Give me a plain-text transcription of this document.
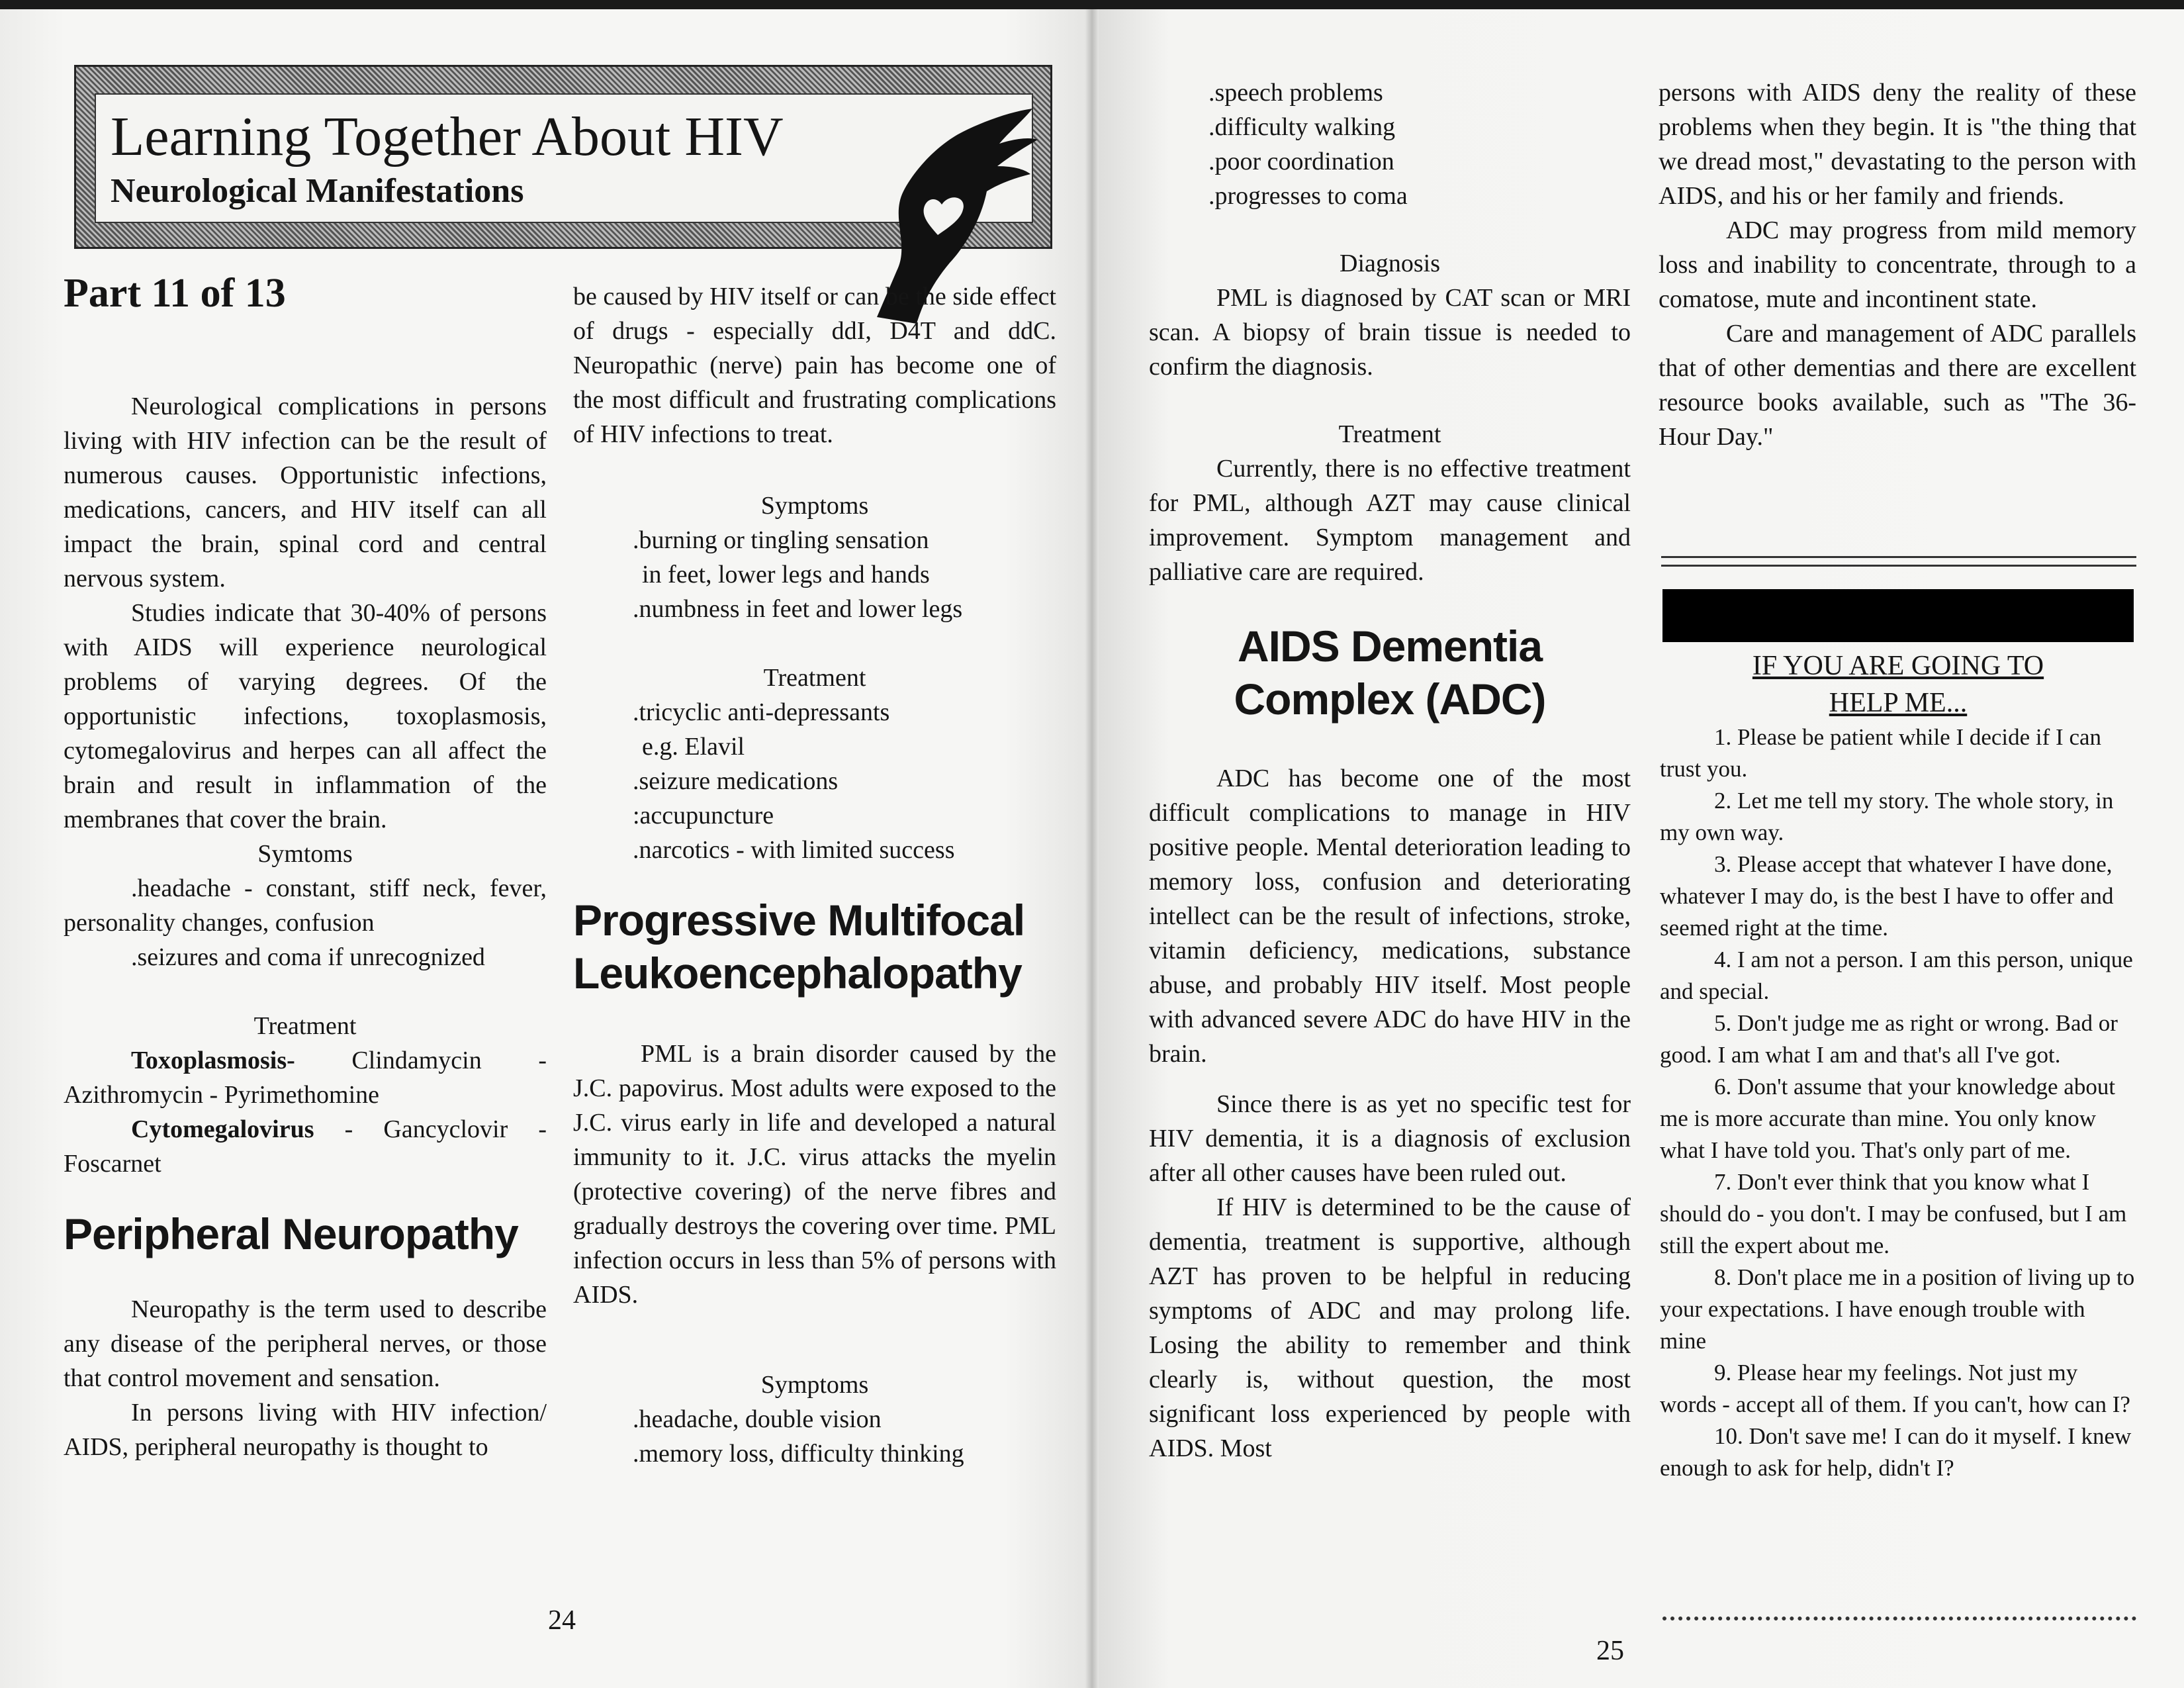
Learning Together About HIV
Neurological Manifestations

Part 11 of 13

Neurological complications in persons living with HIV infection can be the result of numerous causes. Opportunistic infections, medications, cancers, and HIV itself can all impact the brain, spinal cord and central nervous system.

Studies indicate that 30-40% of persons with AIDS will experience neurological problems of varying degrees. Of the opportunistic infections, toxoplasmosis, cytomegalovirus and herpes can all affect the brain and result in inflammation of the membranes that cover the brain.

Symtoms

.headache - constant, stiff neck, fever, personality changes, confusion

.seizures and coma if unrecognized

Treatment

Toxoplasmosis- Clindamycin - Azithromycin - Pyrimethomine

Cytomegalovirus - Gancyclovir - Foscarnet

Peripheral Neuropathy

Neuropathy is the term used to describe any disease of the peripheral nerves, or those that control movement and sensation.

In persons living with HIV infection/ AIDS, peripheral neuropathy is thought to

be caused by HIV itself or can be the side effect of drugs - especially ddI, D4T and ddC. Neuropathic (nerve) pain has become one of the most difficult and frustrating complications of HIV infections to treat.

Symptoms

.burning or tingling sensation

in feet, lower legs and hands

.numbness in feet and lower legs

Treatment

.tricyclic anti-depressants

e.g. Elavil

.seizure medications

:accupuncture

.narcotics - with limited success

Progressive Multifocal

Leukoencephalopathy

PML is a brain disorder caused by the J.C. papovirus. Most adults were exposed to the J.C. virus early in life and developed a natural immunity to it. J.C. virus attacks the myelin (protective covering) of the nerve fibres and gradually destroys the covering over time. PML infection occurs in less than 5% of persons with AIDS.

Symptoms

.headache, double vision

.memory loss, difficulty thinking

24

.speech problems

.difficulty walking

.poor coordination

.progresses to coma

Diagnosis

PML is diagnosed by CAT scan or MRI scan. A biopsy of brain tissue is needed to confirm the diagnosis.

Treatment

Currently, there is no effective treatment for PML, although AZT may cause clinical improvement. Symptom management and palliative care are required.

AIDS Dementia

Complex (ADC)

ADC has become one of the most difficult complications to manage in HIV positive people. Mental deterioration leading to memory loss, confusion and deteriorating intellect can be the result of infections, stroke, vitamin deficiency, medications, substance abuse, and probably HIV itself. Most people with advanced severe ADC do have HIV in the brain.

Since there is as yet no specific test for HIV dementia, it is a diagnosis of exclusion after all other causes have been ruled out.

If HIV is determined to be the cause of dementia, treatment is supportive, although AZT has proven to be helpful in reducing symptoms of ADC and may prolong life. Losing the ability to remember and think clearly is, without question, the most significant loss experienced by people with AIDS. Most

persons with AIDS deny the reality of these problems when they begin. It is "the thing that we dread most," devastating to the person with AIDS, and his or her family and friends.

ADC may progress from mild memory loss and inability to concentrate, through to a comatose, mute and incontinent state.

Care and management of ADC parallels that of other dementias and there are excellent resource books available, such as "The 36-Hour Day."

IF YOU ARE GOING TO

HELP ME...

1. Please be patient while I decide if I can trust you.

2. Let me tell my story. The whole story, in my own way.

3. Please accept that whatever I have done, whatever I may do, is the best I have to offer and seemed right at the time.

4. I am not a person. I am this person, unique and special.

5. Don't judge me as right or wrong. Bad or good. I am what I am and that's all I've got.

6. Don't assume that your knowledge about me is more accurate than mine. You only know what I have told you. That's only part of me.

7. Don't ever think that you know what I should do - you don't. I may be confused, but I am still the expert about me.

8. Don't place me in a position of living up to your expectations. I have enough trouble with mine

9. Please hear my feelings. Not just my words - accept all of them. If you can't, how can I?

10. Don't save me! I can do it myself. I knew enough to ask for help, didn't I?

25
